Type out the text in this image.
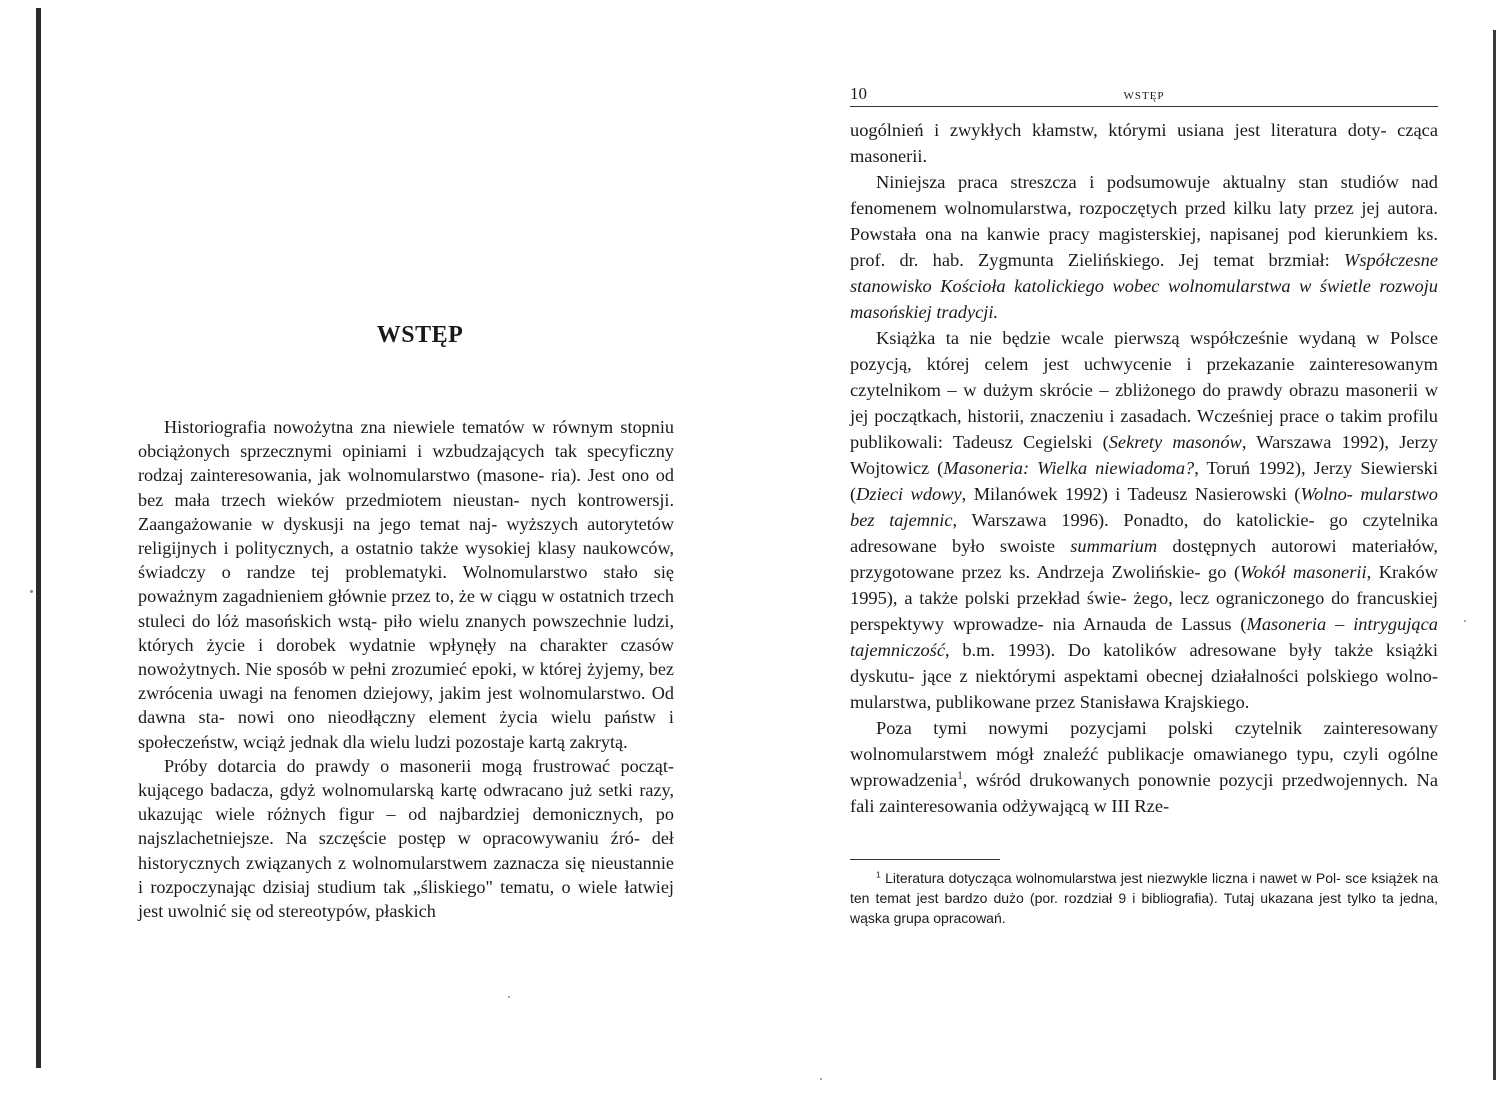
WSTĘP

Historiografia nowożytna zna niewiele tematów w równym stopniu obciążonych sprzecznymi opiniami i wzbudzających tak specyficzny rodzaj zainteresowania, jak wolnomularstwo (masone- ria). Jest ono od bez mała trzech wieków przedmiotem nieustan- nych kontrowersji. Zaangażowanie w dyskusji na jego temat naj- wyższych autorytetów religijnych i politycznych, a ostatnio także wysokiej klasy naukowców, świadczy o randze tej problematyki. Wolnomularstwo stało się poważnym zagadnieniem głównie przez to, że w ciągu w ostatnich trzech stuleci do lóż masońskich wstą- piło wielu znanych powszechnie ludzi, których życie i dorobek wydatnie wpłynęły na charakter czasów nowożytnych. Nie sposób w pełni zrozumieć epoki, w której żyjemy, bez zwrócenia uwagi na fenomen dziejowy, jakim jest wolnomularstwo. Od dawna sta- nowi ono nieodłączny element życia wielu państw i społeczeństw, wciąż jednak dla wielu ludzi pozostaje kartą zakrytą.

Próby dotarcia do prawdy o masonerii mogą frustrować począt- kującego badacza, gdyż wolnomularską kartę odwracano już setki razy, ukazując wiele różnych figur – od najbardziej demonicznych, po najszlachetniejsze. Na szczęście postęp w opracowywaniu źró- deł historycznych związanych z wolnomularstwem zaznacza się nieustannie i rozpoczynając dzisiaj studium tak „śliskiego" tematu, o wiele łatwiej jest uwolnić się od stereotypów, płaskich

10	WSTĘP

uogólnień i zwykłych kłamstw, którymi usiana jest literatura doty- cząca masonerii.

Niniejsza praca streszcza i podsumowuje aktualny stan studiów nad fenomenem wolnomularstwa, rozpoczętych przed kilku laty przez jej autora. Powstała ona na kanwie pracy magisterskiej, napisanej pod kierunkiem ks. prof. dr. hab. Zygmunta Zielińskiego. Jej temat brzmiał: Współczesne stanowisko Kościoła katolickiego wobec wolnomularstwa w świetle rozwoju masońskiej tradycji.

Książka ta nie będzie wcale pierwszą współcześnie wydaną w Polsce pozycją, której celem jest uchwycenie i przekazanie zainteresowanym czytelnikom – w dużym skrócie – zbliżonego do prawdy obrazu masonerii w jej początkach, historii, znaczeniu i zasadach. Wcześniej prace o takim profilu publikowali: Tadeusz Cegielski (Sekrety masonów, Warszawa 1992), Jerzy Wojtowicz (Masoneria: Wielka niewiadoma?, Toruń 1992), Jerzy Siewierski (Dzieci wdowy, Milanówek 1992) i Tadeusz Nasierowski (Wolno- mularstwo bez tajemnic, Warszawa 1996). Ponadto, do katolickie- go czytelnika adresowane było swoiste summarium dostępnych autorowi materiałów, przygotowane przez ks. Andrzeja Zwolińskie- go (Wokół masonerii, Kraków 1995), a także polski przekład świe- żego, lecz ograniczonego do francuskiej perspektywy wprowadze- nia Arnauda de Lassus (Masoneria – intrygująca tajemniczość, b.m. 1993). Do katolików adresowane były także książki dyskutu- jące z niektórymi aspektami obecnej działalności polskiego wolno- mularstwa, publikowane przez Stanisława Krajskiego.

Poza tymi nowymi pozycjami polski czytelnik zainteresowany wolnomularstwem mógł znaleźć publikacje omawianego typu, czyli ogólne wprowadzenia$^1$, wśród drukowanych ponownie pozycji przedwojennych. Na fali zainteresowania odżywającą w III Rze-

$^1$ Literatura dotycząca wolnomularstwa jest niezwykle liczna i nawet w Pol- sce książek na ten temat jest bardzo dużo (por. rozdział 9 i bibliografia). Tutaj ukazana jest tylko ta jedna, wąska grupa opracowań.
